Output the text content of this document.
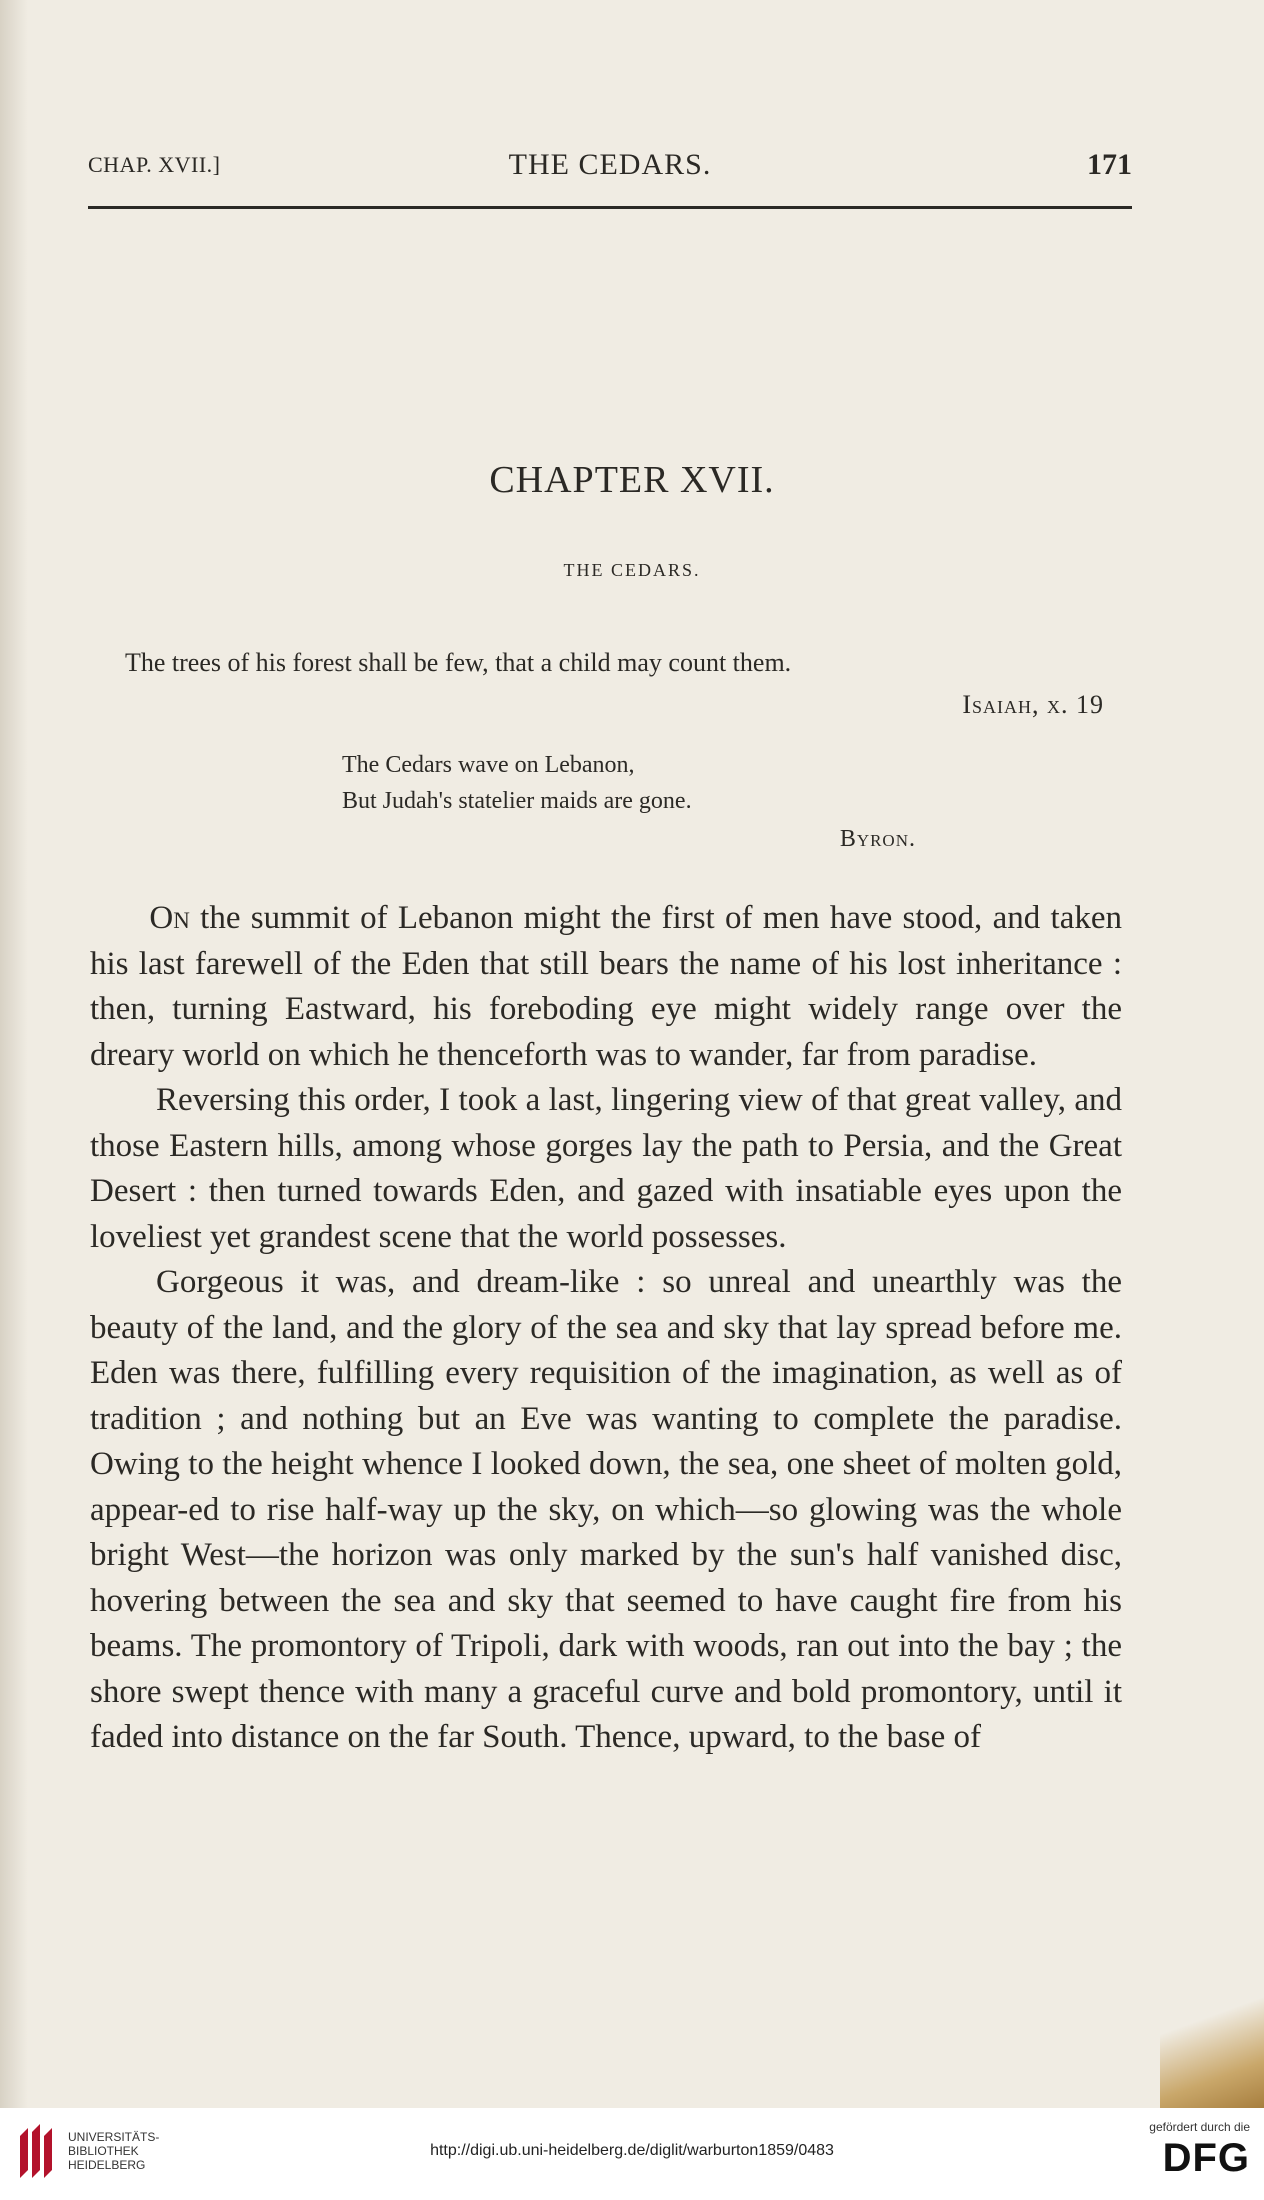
CHAP. XVII.]	THE CEDARS.	171
CHAPTER XVII.
THE CEDARS.
The trees of his forest shall be few, that a child may count them.
Isaiah, x. 19
The Cedars wave on Lebanon,
But Judah's statelier maids are gone.
Byron.

On the summit of Lebanon might the first of men have stood, and taken his last farewell of the Eden that still bears the name of his lost inheritance : then, turning Eastward, his foreboding eye might widely range over the dreary world on which he thenceforth was to wander, far from paradise.

Reversing this order, I took a last, lingering view of that great valley, and those Eastern hills, among whose gorges lay the path to Persia, and the Great Desert : then turned towards Eden, and gazed with insatiable eyes upon the loveliest yet grandest scene that the world possesses.

Gorgeous it was, and dream-like : so unreal and unearthly was the beauty of the land, and the glory of the sea and sky that lay spread before me. Eden was there, fulfilling every requisition of the imagination, as well as of tradition ; and nothing but an Eve was wanting to complete the paradise. Owing to the height whence I looked down, the sea, one sheet of molten gold, appear-ed to rise half-way up the sky, on which—so glowing was the whole bright West—the horizon was only marked by the sun's half vanished disc, hovering between the sea and sky that seemed to have caught fire from his beams. The promontory of Tripoli, dark with woods, ran out into the bay ; the shore swept thence with many a graceful curve and bold promontory, until it faded into distance on the far South. Thence, upward, to the base of

UNIVERSITÄTS-
BIBLIOTHEK
HEIDELBERG
http://digi.ub.uni-heidelberg.de/diglit/warburton1859/0483
gefördert durch die
DFG
